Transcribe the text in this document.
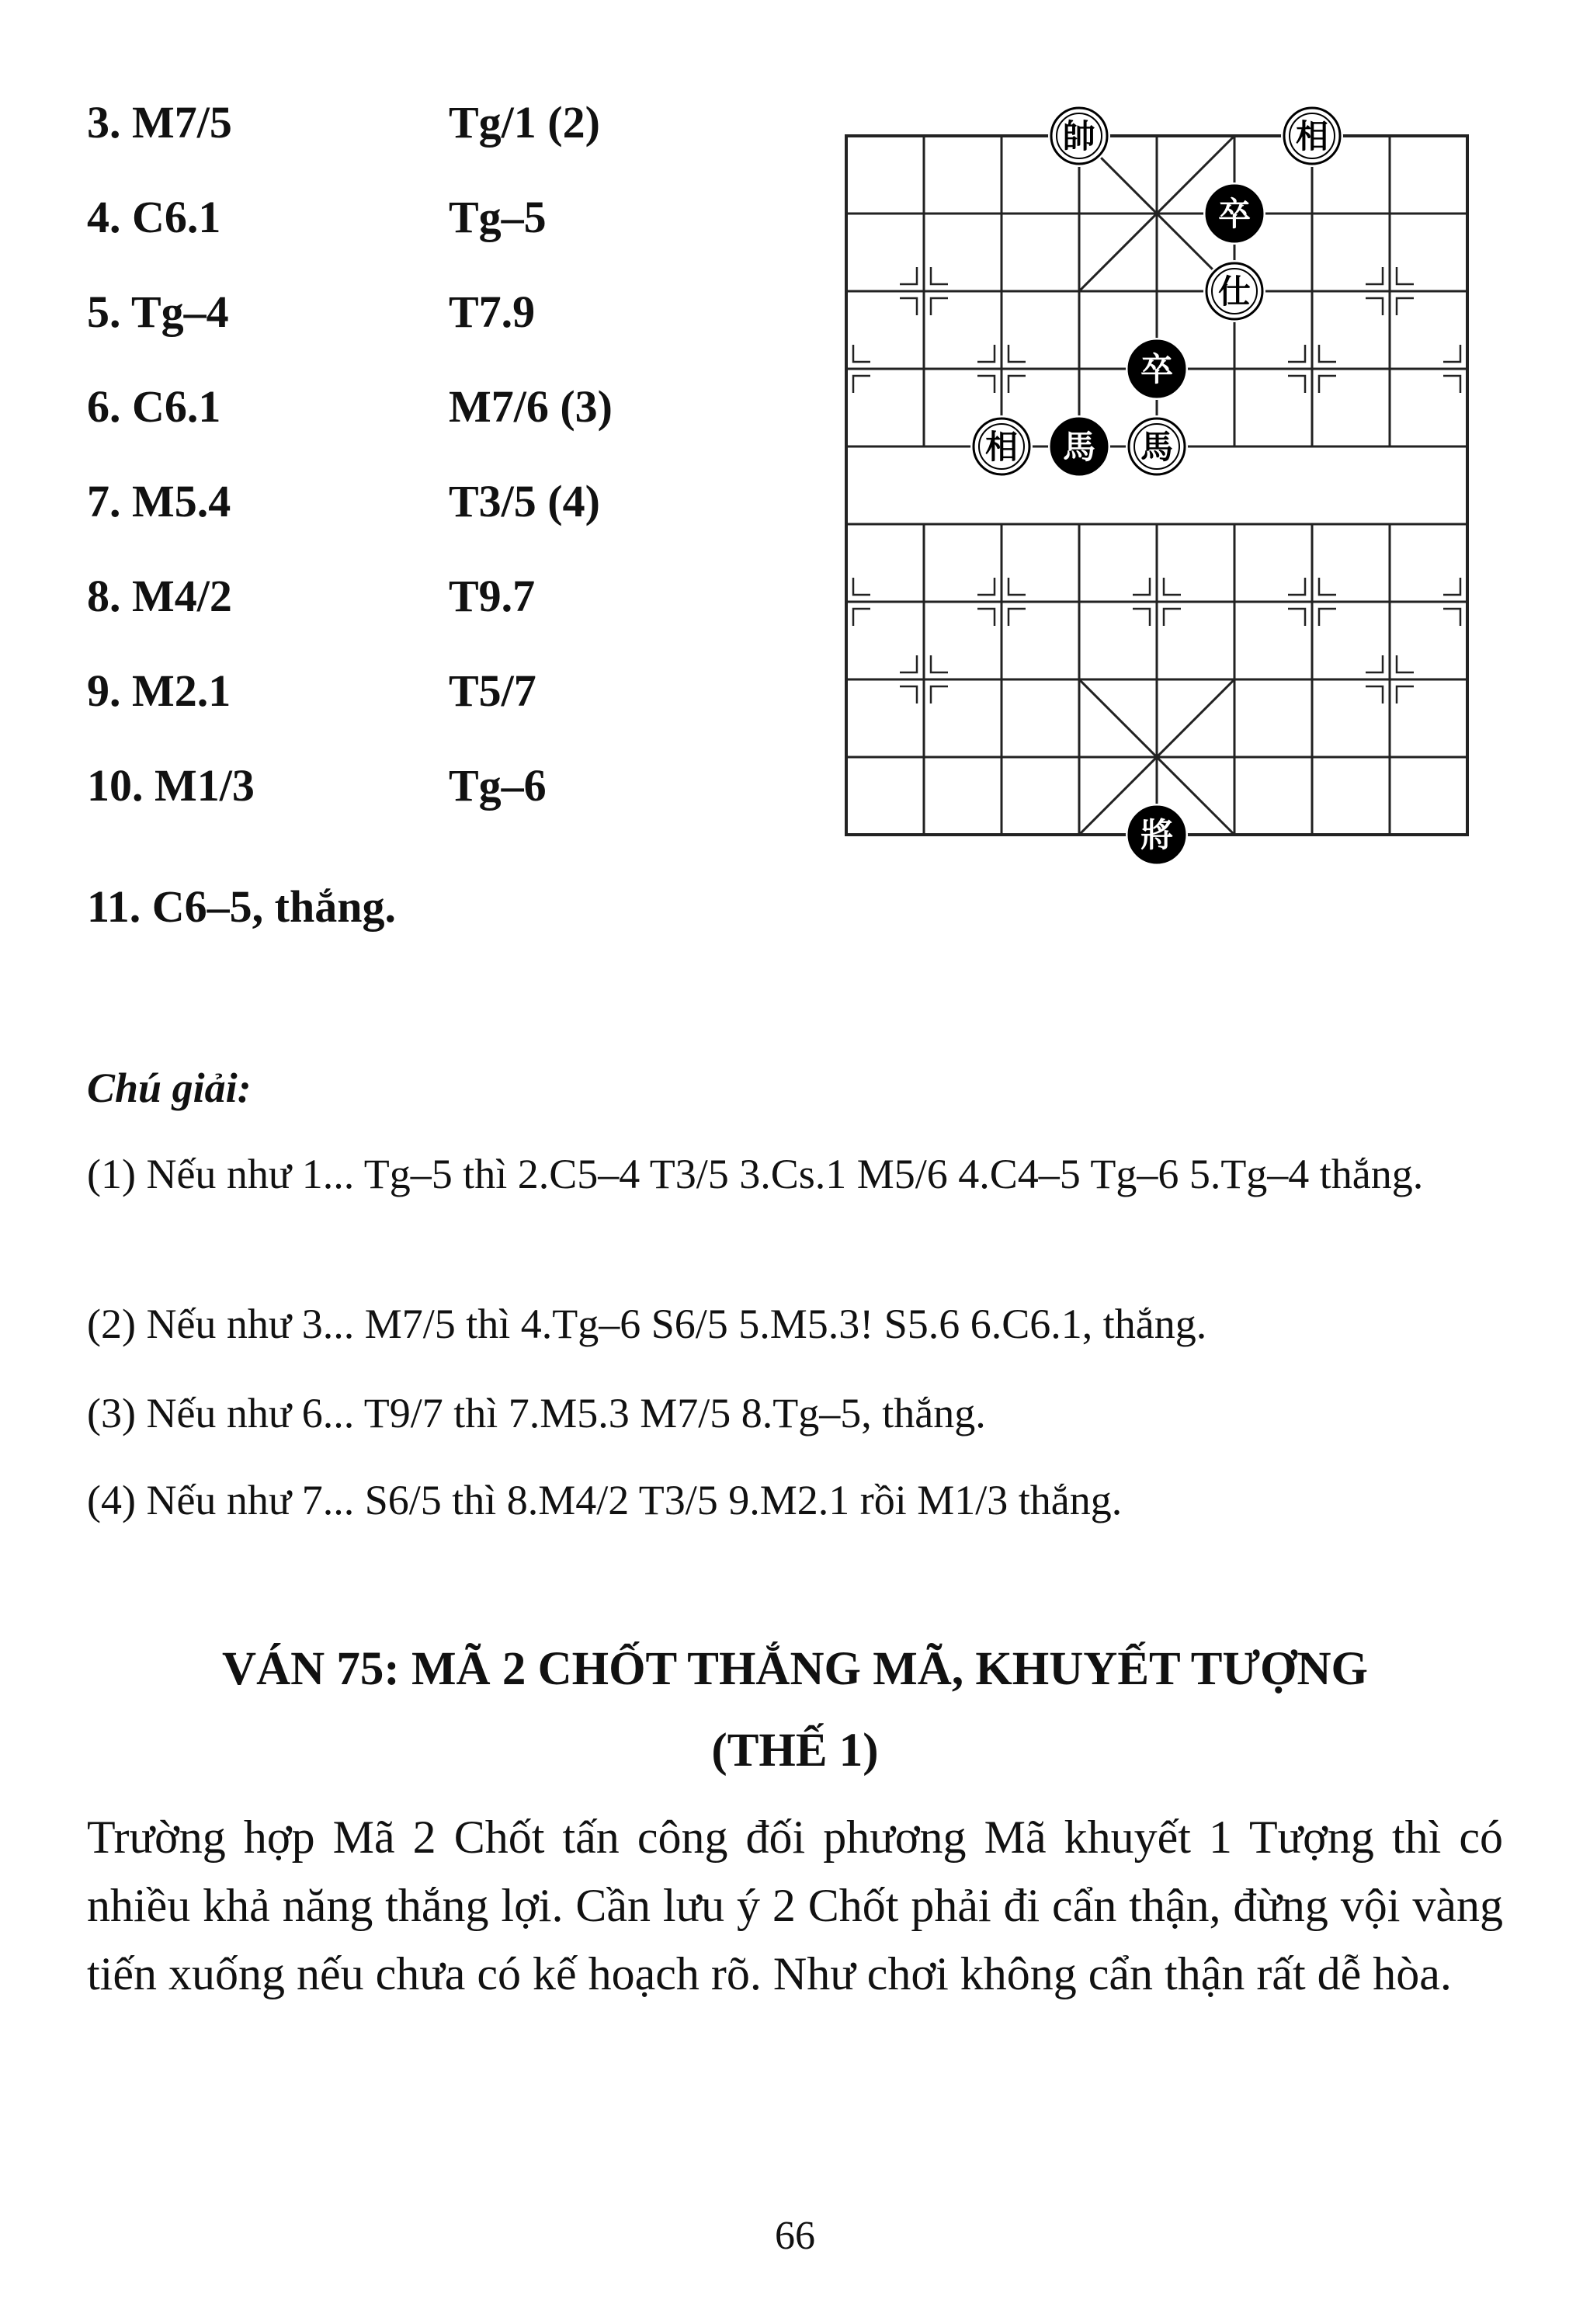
3. M7/5	Tg/1 (2)
4. C6.1	Tg–5
5. Tg–4	T7.9
6. C6.1	M7/6 (3)
7. M5.4	T3/5 (4)
8. M4/2	T9.7
9. M2.1	T5/7
10. M1/3	Tg–6
11. C6–5, thắng.
帥	相
卒
仕
卒
相 馬 馬
將
Chú giải:
(1) Nếu như 1... Tg–5 thì 2.C5–4 T3/5 3.Cs.1 M5/6 4.C4–5 Tg–6 5.Tg–4 thắng.
(2) Nếu như 3... M7/5 thì 4.Tg–6 S6/5 5.M5.3! S5.6 6.C6.1, thắng.
(3) Nếu như 6... T9/7 thì 7.M5.3 M7/5 8.Tg–5, thắng.
(4) Nếu như 7... S6/5 thì 8.M4/2 T3/5 9.M2.1 rồi M1/3 thắng.
VÁN 75: MÃ 2 CHỐT THẮNG MÃ, KHUYẾT TƯỢNG
(THẾ 1)
Trường hợp Mã 2 Chốt tấn công đối phương Mã khuyết 1 Tượng thì có nhiều khả năng thắng lợi. Cần lưu ý 2 Chốt phải đi cẩn thận, đừng vội vàng tiến xuống nếu chưa có kế hoạch rõ. Như chơi không cẩn thận rất dễ hòa.
66
